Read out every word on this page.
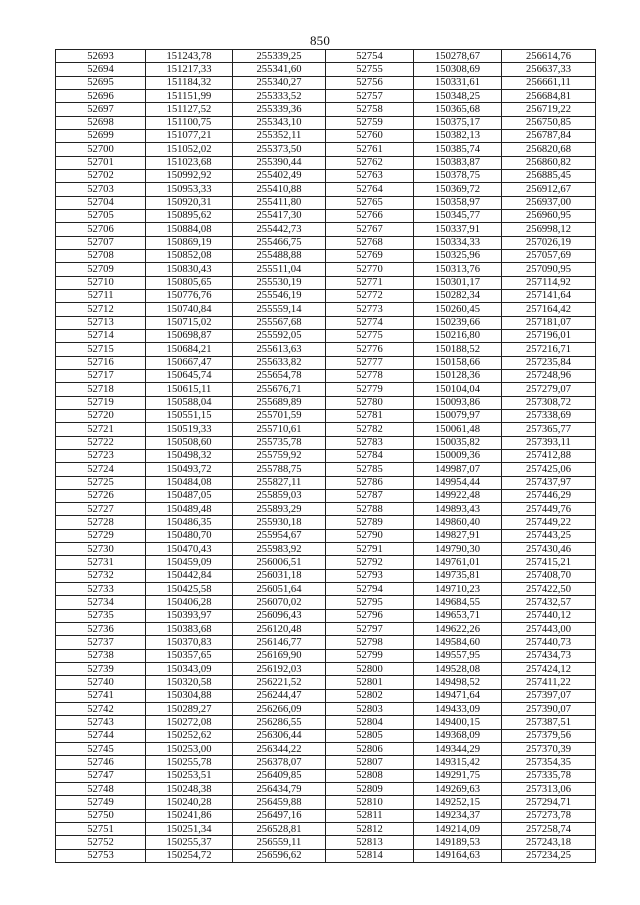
850
52693	151243,78	255339,25	52754	150278,67	256614,76
52694	151217,33	255341,60	52755	150308,69	256637,33
52695	151184,32	255340,27	52756	150331,61	256661,11
52696	151151,99	255333,52	52757	150348,25	256684,81
52697	151127,52	255339,36	52758	150365,68	256719,22
52698	151100,75	255343,10	52759	150375,17	256750,85
52699	151077,21	255352,11	52760	150382,13	256787,84
52700	151052,02	255373,50	52761	150385,74	256820,68
52701	151023,68	255390,44	52762	150383,87	256860,82
52702	150992,92	255402,49	52763	150378,75	256885,45
52703	150953,33	255410,88	52764	150369,72	256912,67
52704	150920,31	255411,80	52765	150358,97	256937,00
52705	150895,62	255417,30	52766	150345,77	256960,95
52706	150884,08	255442,73	52767	150337,91	256998,12
52707	150869,19	255466,75	52768	150334,33	257026,19
52708	150852,08	255488,88	52769	150325,96	257057,69
52709	150830,43	255511,04	52770	150313,76	257090,95
52710	150805,65	255530,19	52771	150301,17	257114,92
52711	150776,76	255546,19	52772	150282,34	257141,64
52712	150740,84	255559,14	52773	150260,45	257164,42
52713	150715,02	255567,68	52774	150239,66	257181,07
52714	150698,87	255592,05	52775	150216,80	257196,01
52715	150684,21	255613,63	52776	150188,52	257216,71
52716	150667,47	255633,82	52777	150158,66	257235,84
52717	150645,74	255654,78	52778	150128,36	257248,96
52718	150615,11	255676,71	52779	150104,04	257279,07
52719	150588,04	255689,89	52780	150093,86	257308,72
52720	150551,15	255701,59	52781	150079,97	257338,69
52721	150519,33	255710,61	52782	150061,48	257365,77
52722	150508,60	255735,78	52783	150035,82	257393,11
52723	150498,32	255759,92	52784	150009,36	257412,88
52724	150493,72	255788,75	52785	149987,07	257425,06
52725	150484,08	255827,11	52786	149954,44	257437,97
52726	150487,05	255859,03	52787	149922,48	257446,29
52727	150489,48	255893,29	52788	149893,43	257449,76
52728	150486,35	255930,18	52789	149860,40	257449,22
52729	150480,70	255954,67	52790	149827,91	257443,25
52730	150470,43	255983,92	52791	149790,30	257430,46
52731	150459,09	256006,51	52792	149761,01	257415,21
52732	150442,84	256031,18	52793	149735,81	257408,70
52733	150425,58	256051,64	52794	149710,23	257422,50
52734	150406,28	256070,02	52795	149684,55	257432,57
52735	150393,97	256096,43	52796	149653,71	257440,12
52736	150383,68	256120,48	52797	149622,26	257443,00
52737	150370,83	256146,77	52798	149584,60	257440,73
52738	150357,65	256169,90	52799	149557,95	257434,73
52739	150343,09	256192,03	52800	149528,08	257424,12
52740	150320,58	256221,52	52801	149498,52	257411,22
52741	150304,88	256244,47	52802	149471,64	257397,07
52742	150289,27	256266,09	52803	149433,09	257390,07
52743	150272,08	256286,55	52804	149400,15	257387,51
52744	150252,62	256306,44	52805	149368,09	257379,56
52745	150253,00	256344,22	52806	149344,29	257370,39
52746	150255,78	256378,07	52807	149315,42	257354,35
52747	150253,51	256409,85	52808	149291,75	257335,78
52748	150248,38	256434,79	52809	149269,63	257313,06
52749	150240,28	256459,88	52810	149252,15	257294,71
52750	150241,86	256497,16	52811	149234,37	257273,78
52751	150251,34	256528,81	52812	149214,09	257258,74
52752	150255,37	256559,11	52813	149189,53	257243,18
52753	150254,72	256596,62	52814	149164,63	257234,25
